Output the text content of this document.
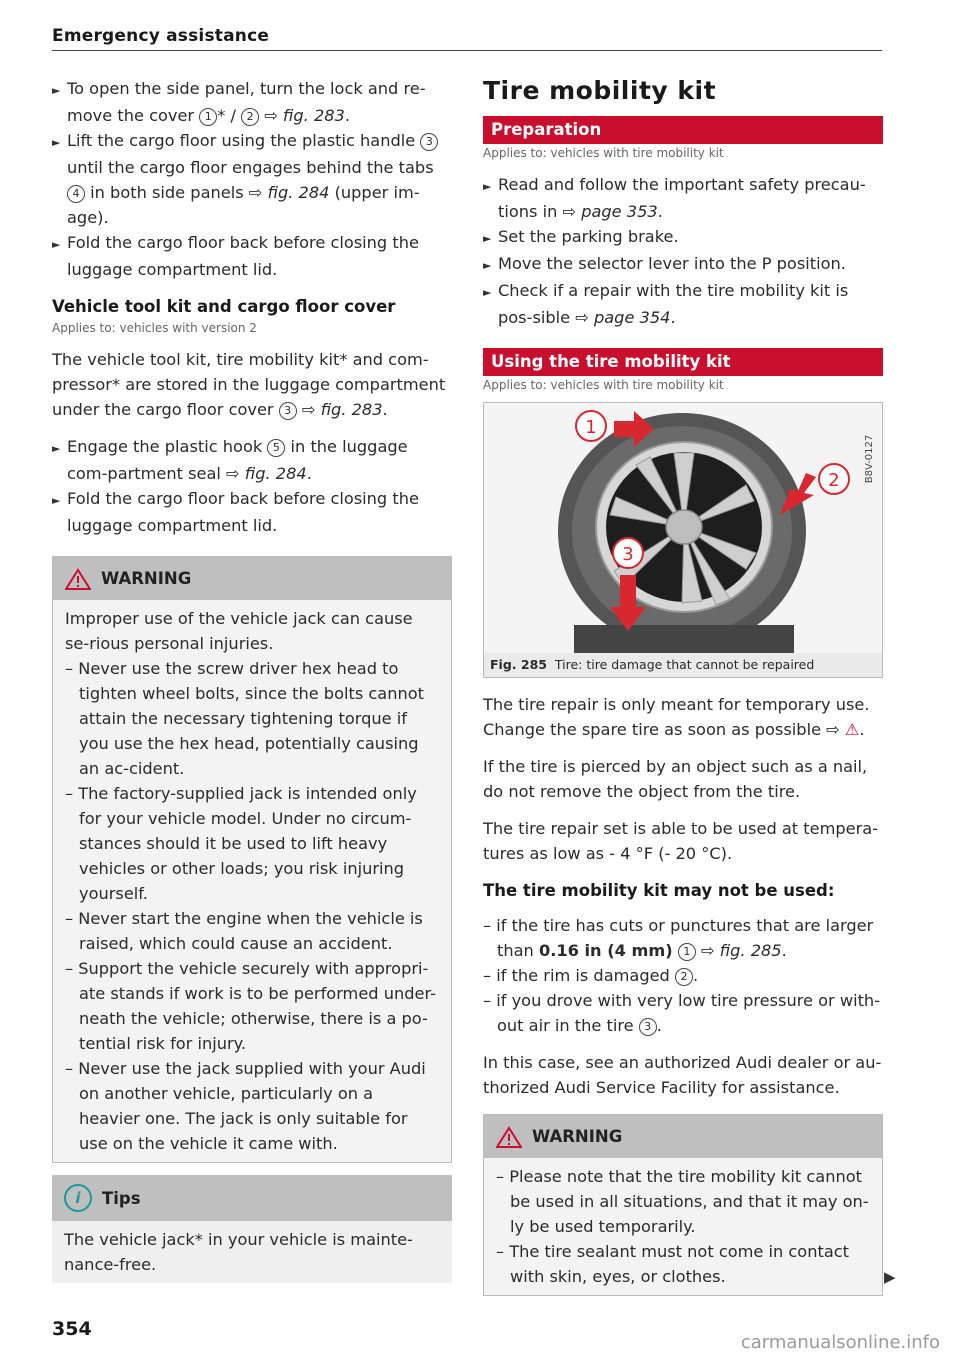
Emergency assistance

► To open the side panel, turn the lock and re-move the cover 1 * / 2 ⇨ fig. 283.

► Lift the cargo floor using the plastic handle 3 until the cargo floor engages behind the tabs 4 in both side panels ⇨ fig. 284 (upper im-age).

► Fold the cargo floor back before closing the luggage compartment lid.

Vehicle tool kit and cargo floor cover
Applies to: vehicles with version 2

The vehicle tool kit, tire mobility kit* and com-pressor* are stored in the luggage compartment under the cargo floor cover 3 ⇨ fig. 283.

► Engage the plastic hook 5 in the luggage com-partment seal ⇨ fig. 284.

► Fold the cargo floor back before closing the luggage compartment lid.

WARNING

Improper use of the vehicle jack can cause se-rious personal injuries.

– Never use the screw driver hex head to tighten wheel bolts, since the bolts cannot attain the necessary tightening torque if you use the hex head, potentially causing an ac-cident.

– The factory-supplied jack is intended only for your vehicle model. Under no circum-stances should it be used to lift heavy vehicles or other loads; you risk injuring yourself.

– Never start the engine when the vehicle is raised, which could cause an accident.

– Support the vehicle securely with appropri-ate stands if work is to be performed under-neath the vehicle; otherwise, there is a po-tential risk for injury.

– Never use the jack supplied with your Audi on another vehicle, particularly on a heavier one. The jack is only suitable for use on the vehicle it came with.

i	Tips

The vehicle jack* in your vehicle is mainte-nance-free.

354
Tire mobility kit
Preparation
Applies to: vehicles with tire mobility kit

► Read and follow the important safety precau-tions in ⇨ page 353.

► Set the parking brake.

► Move the selector lever into the P position.

► Check if a repair with the tire mobility kit is pos-sible ⇨ page 354.

Using the tire mobility kit
Applies to: vehicles with tire mobility kit
1
2
3
B8V-0127
Fig. 285 Tire: tire damage that cannot be repaired

The tire repair is only meant for temporary use. Change the spare tire as soon as possible ⇨ ⚠.

If the tire is pierced by an object such as a nail, do not remove the object from the tire.

The tire repair set is able to be used at tempera-tures as low as - 4 °F (- 20 °C).

The tire mobility kit may not be used:

– if the tire has cuts or punctures that are larger than 0.16 in (4 mm) 1 ⇨ fig. 285.

– if the rim is damaged 2 .

– if you drove with very low tire pressure or with-out air in the tire 3 .

In this case, see an authorized Audi dealer or au-thorized Audi Service Facility for assistance.

WARNING

– Please note that the tire mobility kit cannot be used in all situations, and that it may on-ly be used temporarily.

– The tire sealant must not come in contact with skin, eyes, or clothes.	▶
carmanualsonline.info
